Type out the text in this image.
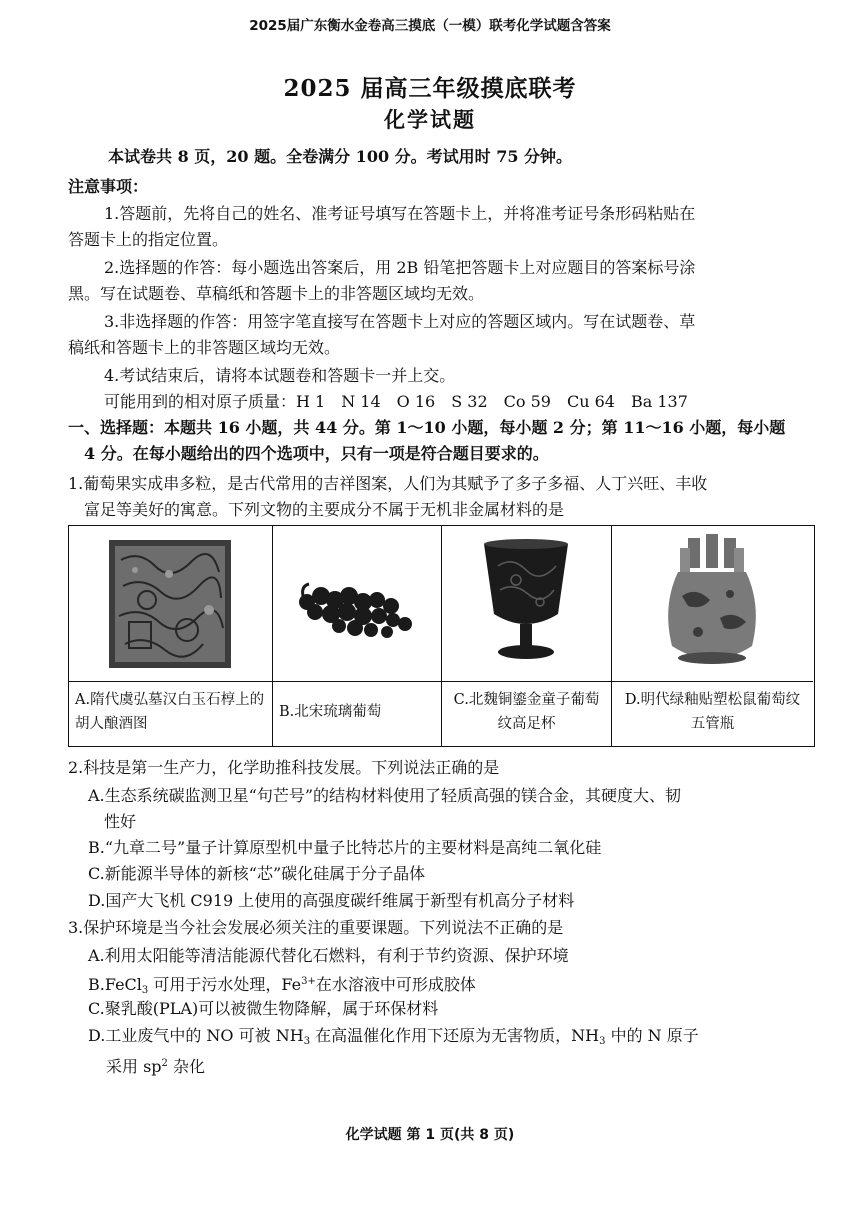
2025届广东衡水金卷高三摸底（一模）联考化学试题含答案
2025 届高三年级摸底联考
化学试题
本试卷共 8 页，20 题。全卷满分 100 分。考试用时 75 分钟。
注意事项：
1.答题前，先将自己的姓名、准考证号填写在答题卡上，并将准考证号条形码粘贴在
答题卡上的指定位置。
2.选择题的作答：每小题选出答案后，用 2B 铅笔把答题卡上对应题目的答案标号涂
黑。写在试题卷、草稿纸和答题卡上的非答题区域均无效。
3.非选择题的作答：用签字笔直接写在答题卡上对应的答题区域内。写在试题卷、草
稿纸和答题卡上的非答题区域均无效。
4.考试结束后，请将本试题卷和答题卡一并上交。
可能用到的相对原子质量：H 1　N 14　O 16　S 32　Co 59　Cu 64　Ba 137
一、选择题：本题共 16 小题，共 44 分。第 1～10 小题，每小题 2 分；第 11～16 小题，每小题
4 分。在每小题给出的四个选项中，只有一项是符合题目要求的。
1.葡萄果实成串多粒，是古代常用的吉祥图案，人们为其赋予了多子多福、人丁兴旺、丰收
富足等美好的寓意。下列文物的主要成分不属于无机非金属材料的是
A.隋代虞弘墓汉白玉石椁上的胡人酿酒图
B.北宋琉璃葡萄
C.北魏铜鎏金童子葡萄纹高足杯
D.明代绿釉贴塑松鼠葡萄纹五管瓶
2.科技是第一生产力，化学助推科技发展。下列说法正确的是
A.生态系统碳监测卫星“句芒号”的结构材料使用了轻质高强的镁合金，其硬度大、韧
性好
B.“九章二号”量子计算原型机中量子比特芯片的主要材料是高纯二氧化硅
C.新能源半导体的新核“芯”碳化硅属于分子晶体
D.国产大飞机 C919 上使用的高强度碳纤维属于新型有机高分子材料
3.保护环境是当今社会发展必须关注的重要课题。下列说法不正确的是
A.利用太阳能等清洁能源代替化石燃料，有利于节约资源、保护环境
B.FeCl$_3$ 可用于污水处理，$Fe^{3+}$在水溶液中可形成胶体
C.聚乳酸(PLA)可以被微生物降解，属于环保材料
D.工业废气中的 NO 可被 $NH_3$ 在高温催化作用下还原为无害物质，$NH_3$ 中的 N 原子
采用 $sp^2$ 杂化
化学试题 第 1 页(共 8 页)
